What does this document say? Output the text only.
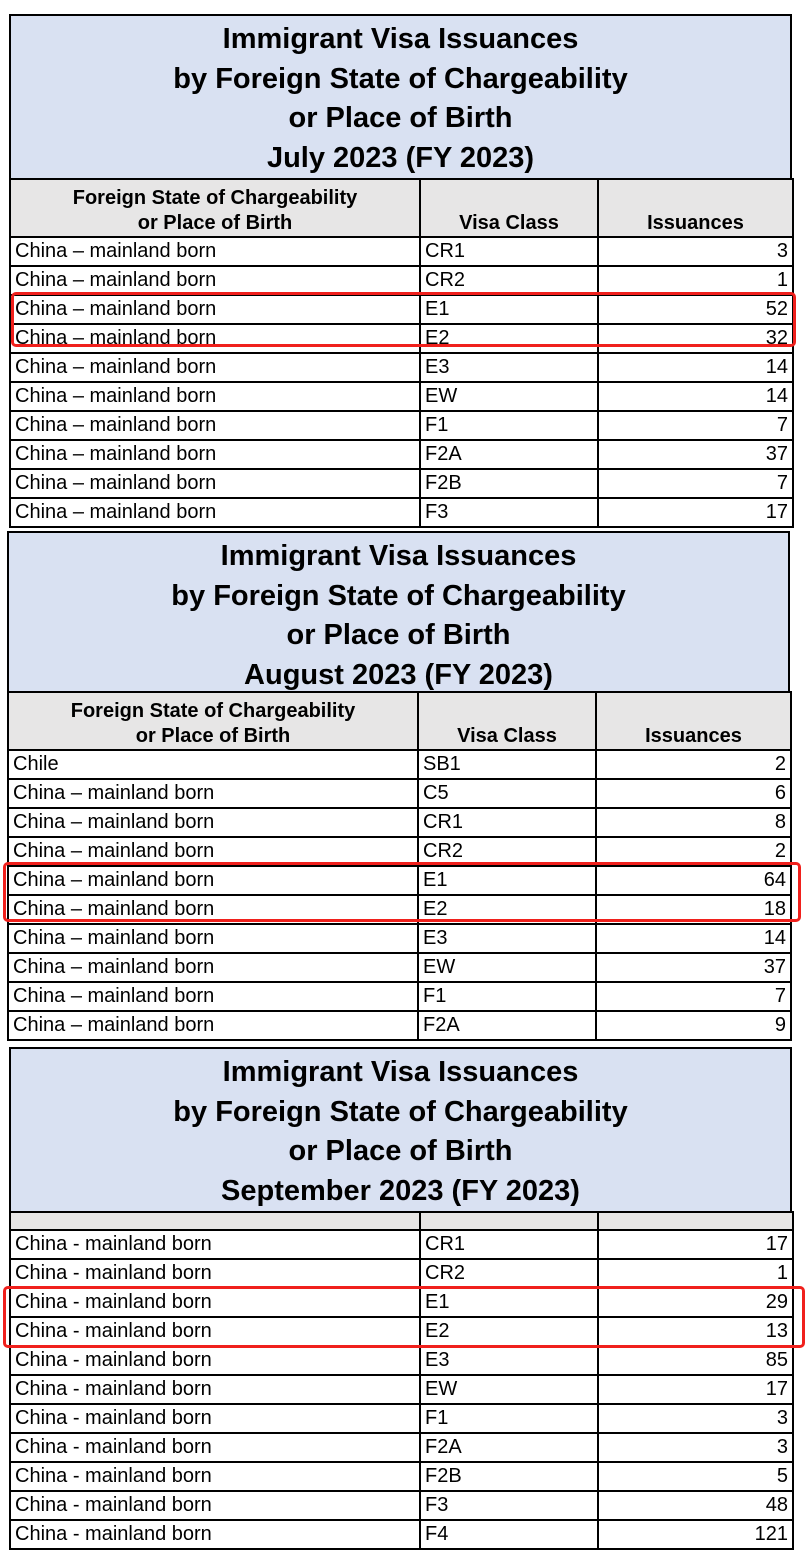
Immigrant Visa Issuances
by Foreign State of Chargeability
or Place of Birth
July 2023 (FY 2023)
Foreign State of Chargeability
or Place of Birth	Visa Class	Issuances
China – mainland born	CR1	3
China – mainland born	CR2	1
China – mainland born	E1	52
China – mainland born	E2	32
China – mainland born	E3	14
China – mainland born	EW	14
China – mainland born	F1	7
China – mainland born	F2A	37
China – mainland born	F2B	7
China – mainland born	F3	17
Immigrant Visa Issuances
by Foreign State of Chargeability
or Place of Birth
August 2023 (FY 2023)
Foreign State of Chargeability
or Place of Birth	Visa Class	Issuances
Chile	SB1	2
China – mainland born	C5	6
China – mainland born	CR1	8
China – mainland born	CR2	2
China – mainland born	E1	64
China – mainland born	E2	18
China – mainland born	E3	14
China – mainland born	EW	37
China – mainland born	F1	7
China – mainland born	F2A	9
Immigrant Visa Issuances
by Foreign State of Chargeability
or Place of Birth
September 2023 (FY 2023)

China - mainland born	CR1	17
China - mainland born	CR2	1
China - mainland born	E1	29
China - mainland born	E2	13
China - mainland born	E3	85
China - mainland born	EW	17
China - mainland born	F1	3
China - mainland born	F2A	3
China - mainland born	F2B	5
China - mainland born	F3	48
China - mainland born	F4	121
